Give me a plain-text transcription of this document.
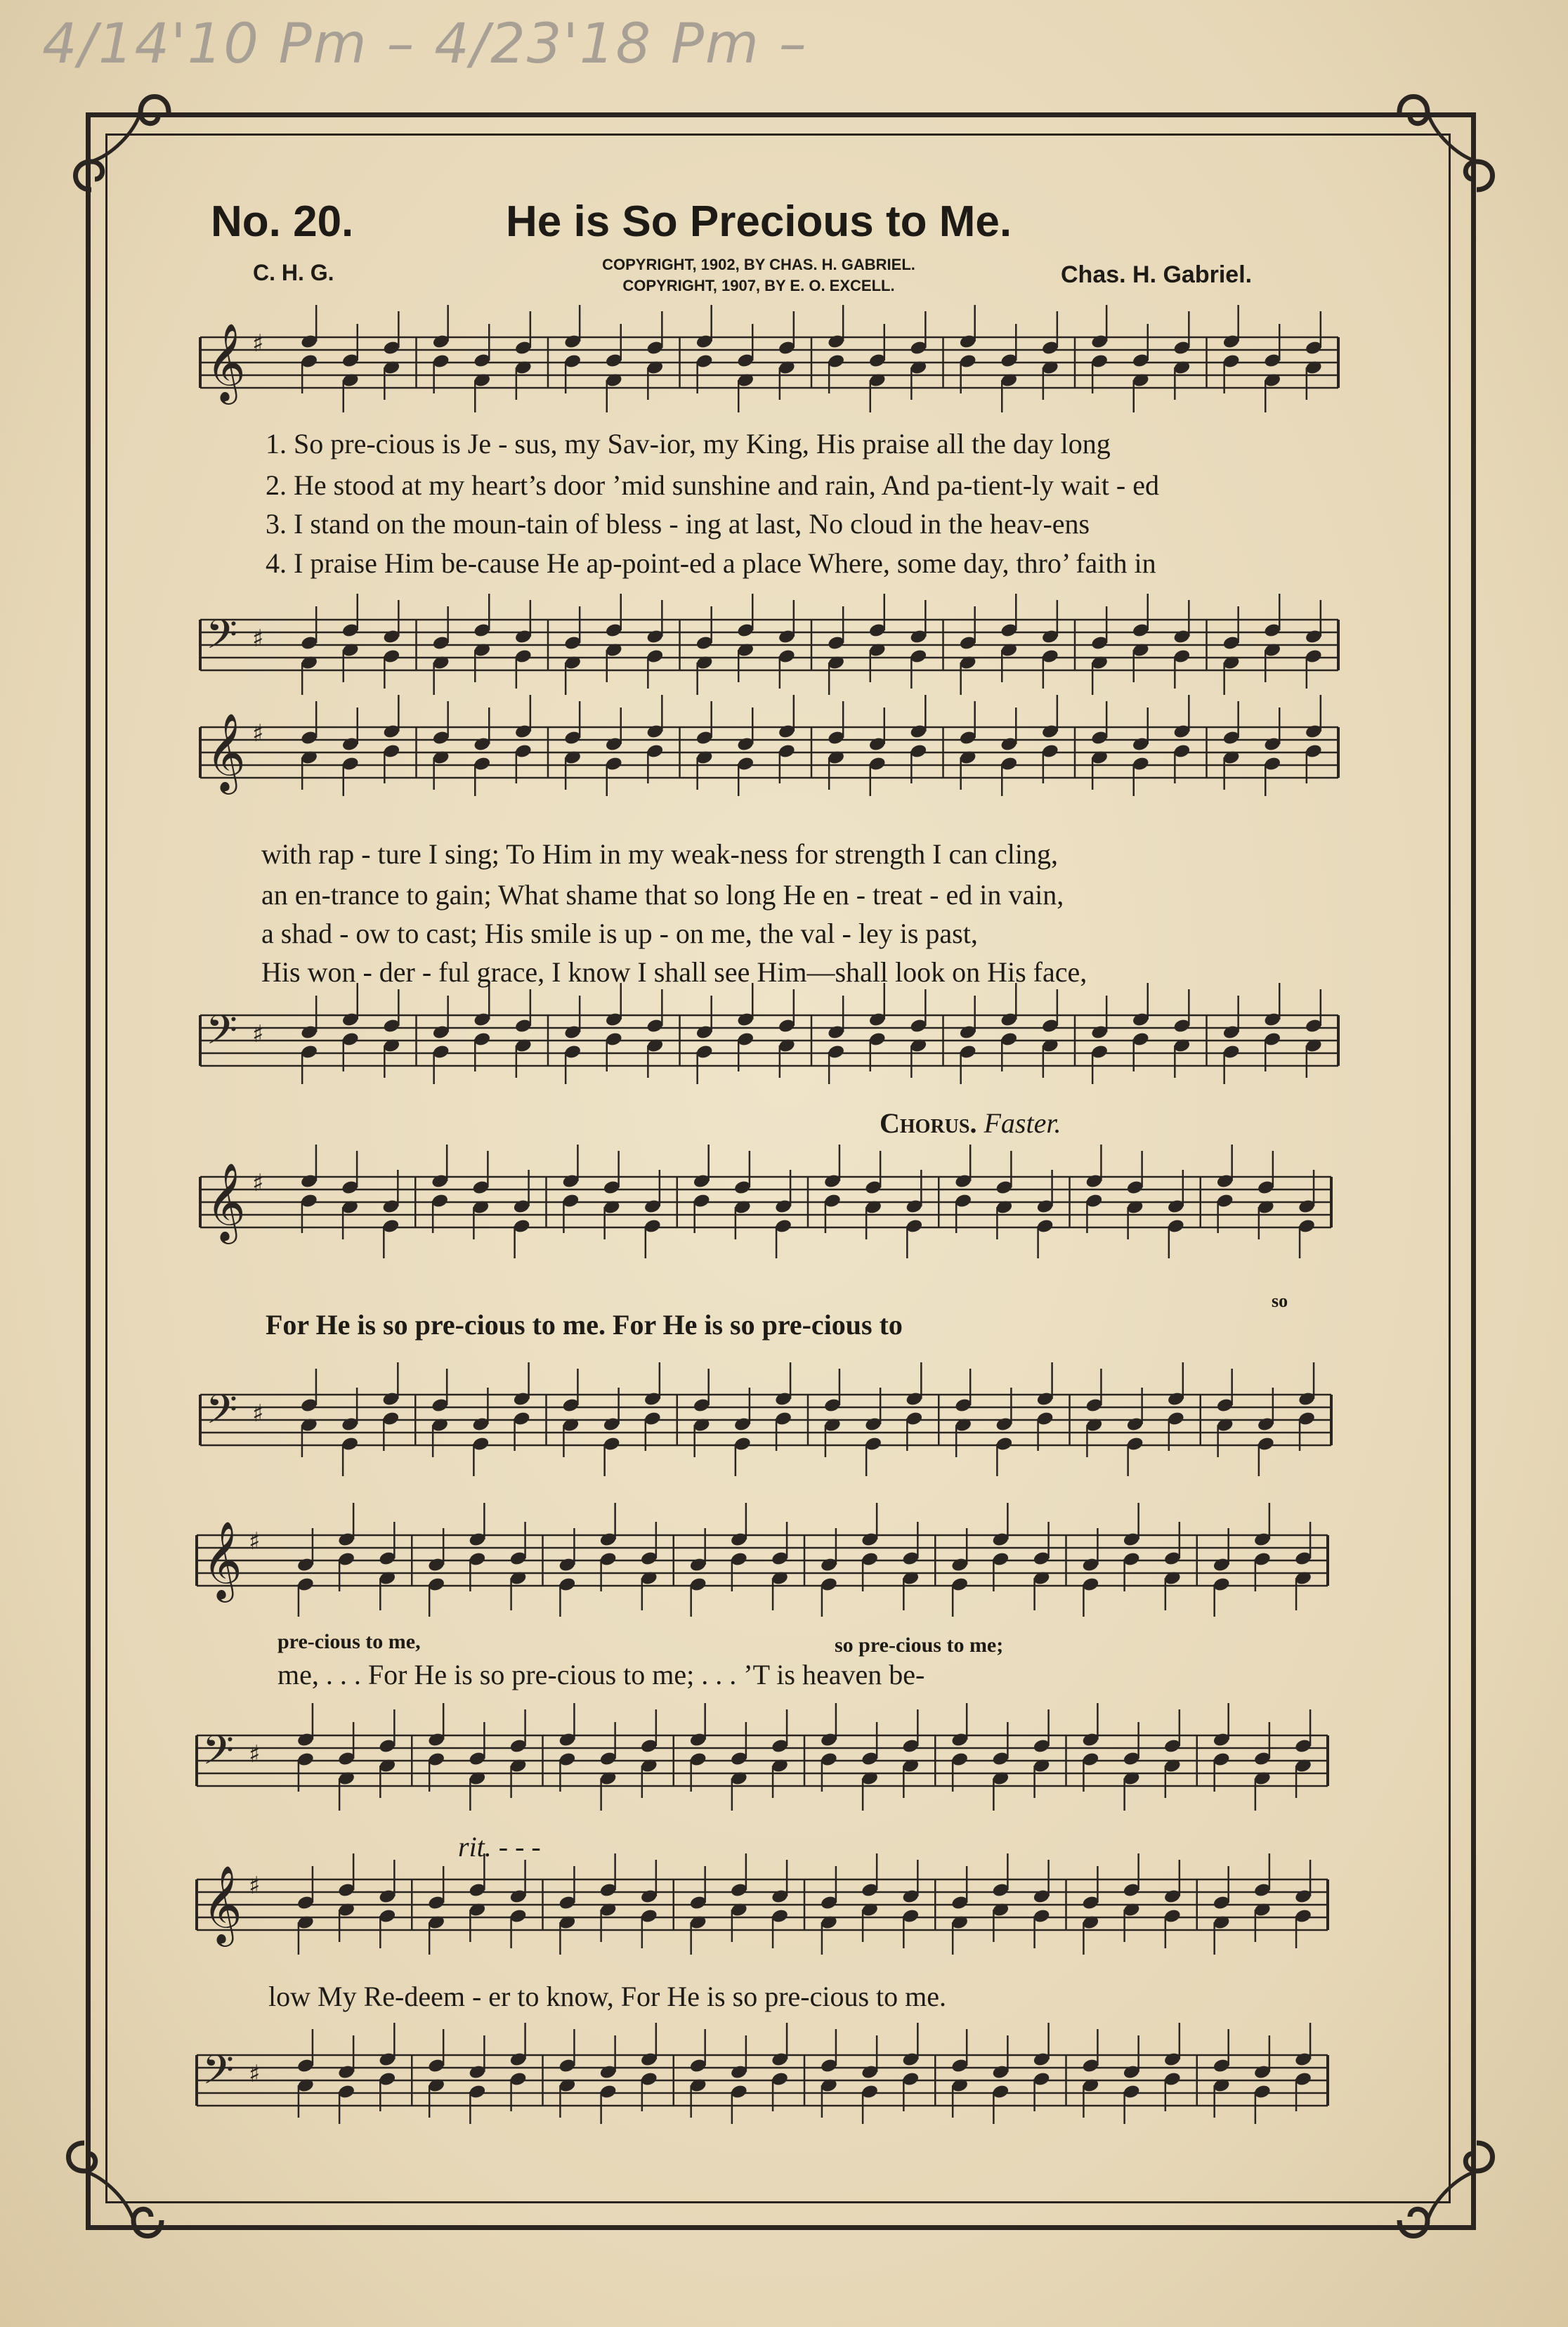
4/14'10 Pm – 4/23'18 Pm –
No. 20.	He is So Precious to Me.
C. H. G.	COPYRIGHT, 1902, BY CHAS. H. GABRIEL.
COPYRIGHT, 1907, BY E. O. EXCELL.	Chas. H. Gabriel.
𝄞 ♯
𝄢 ♯
𝄞 ♯
𝄢 ♯
𝄞 ♯
𝄢 ♯
𝄞 ♯
𝄢 ♯
𝄞 ♯
𝄢 ♯
1. So pre-cious is Je - sus, my Sav-ior, my King, His praise all the day long
2. He stood at my heart’s door ’mid sunshine and rain, And pa-tient-ly wait - ed
3. I stand on the moun-tain of bless - ing at last, No cloud in the heav-ens
4. I praise Him be-cause He ap-point-ed a place Where, some day, thro’ faith in
with rap - ture I sing; To Him in my weak-ness for strength I can cling,
an en-trance to gain; What shame that so long He en - treat - ed in vain,
a shad - ow to cast; His smile is up - on me, the val - ley is past,
His won - der - ful grace, I know I shall see Him—shall look on His face,
Chorus. Faster.
so
For He is so pre-cious to me. For He is so pre-cious to
pre-cious to me,	so pre-cious to me;
me, . . . For He is so pre-cious to me; . . . ’T is heaven be-
rit. - - -
low My Re-deem - er to know, For He is so pre-cious to me.
